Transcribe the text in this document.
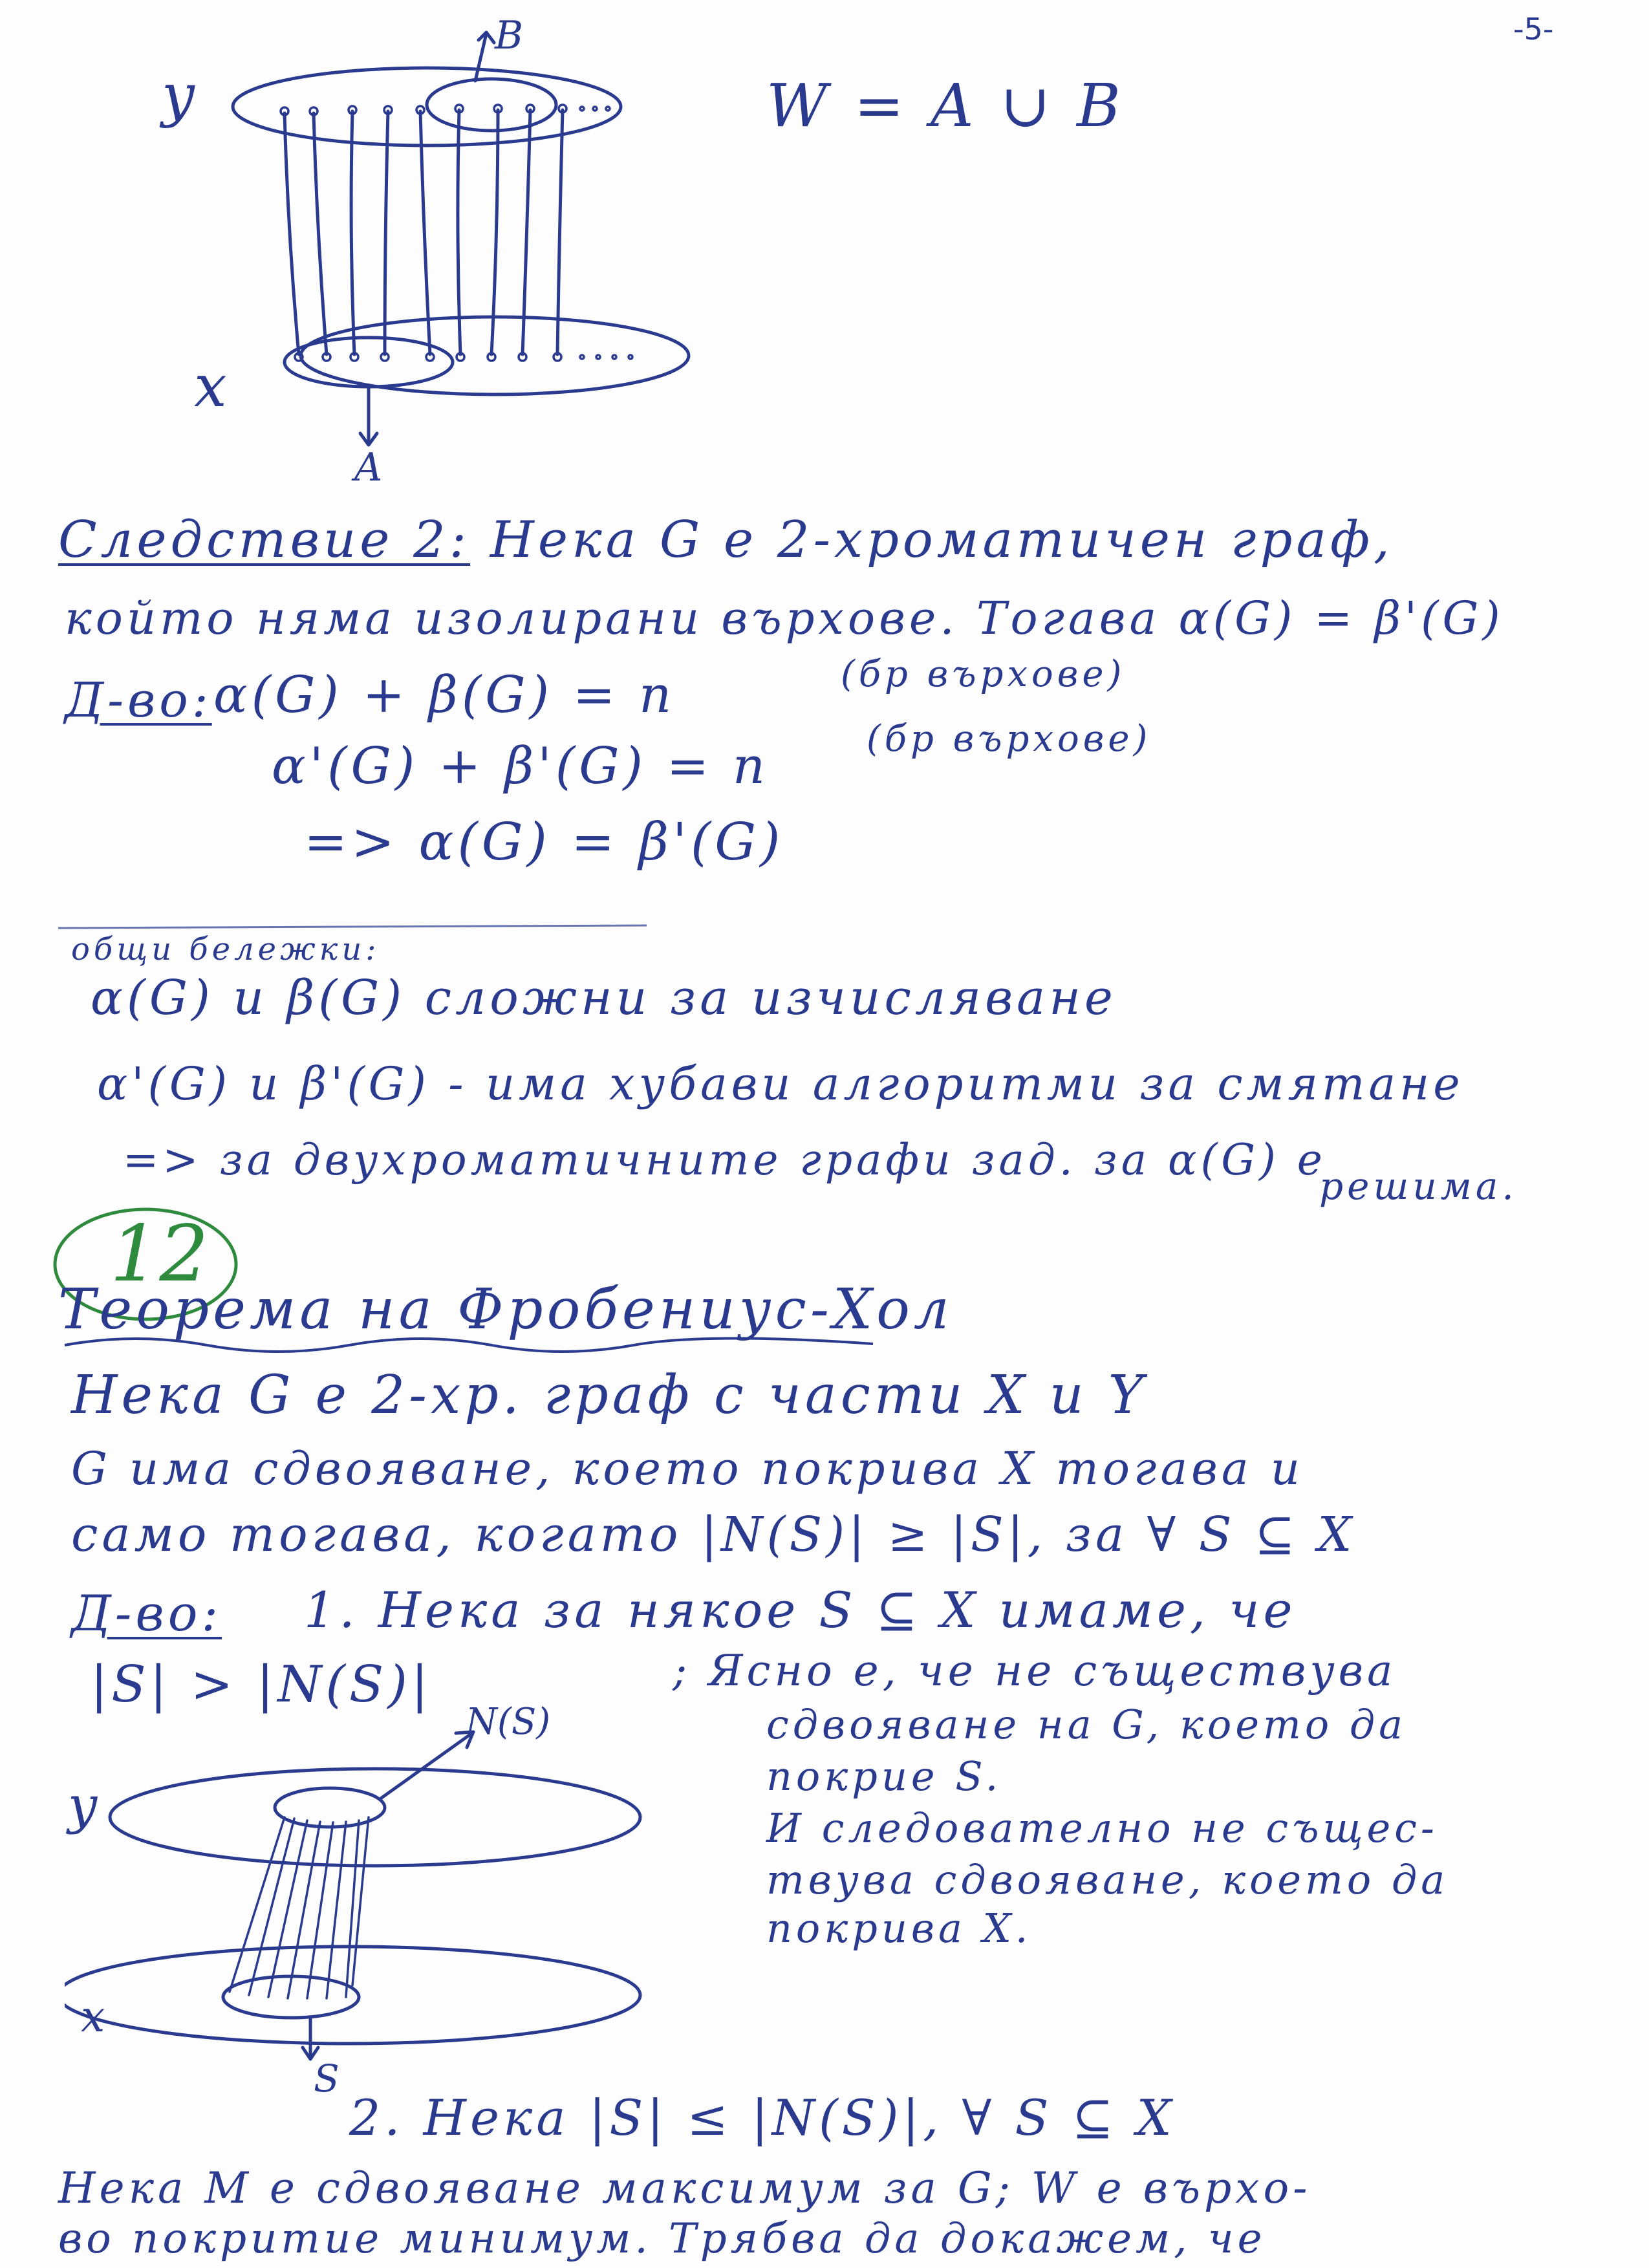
-5-
y
x
B
A
W = A ∪ B
Следствие 2: Нека G е 2-хроматичен граф,
който няма изолирани върхове. Тогава α(G) = β'(G)
Д-во: α(G) + β(G) = n	(бр върхове)
α'(G) + β'(G) = n	(бр върхове)
=> α(G) = β'(G)
общи бележки:
α(G) и β(G) сложни за изчисляване
α'(G) и β'(G) - има хубави алгоритми за смятане
=> за двухроматичните графи зад. за α(G) е
решима.
12
Теорема на Фробениус-Хол
Нека G е 2-хр. граф с части X и Y
G има сдвояване, което покрива X тогава и
само тогава, когато |N(S)| ≥ |S|, за ∀ S ⊆ X
Д-во: 1. Нека за някое S ⊆ X имаме, че
|S| > |N(S)|	; Ясно е, че не съществува
сдвояване на G, което да
покрие S.
И следователно не същес-
твува сдвояване, което да
покрива X.
N(S)
y
x
S
2. Нека |S| ≤ |N(S)|, ∀ S ⊆ X
Нека M е сдвояване максимум за G; W е върхо-
во покритие минимум. Трябва да докажем, че
